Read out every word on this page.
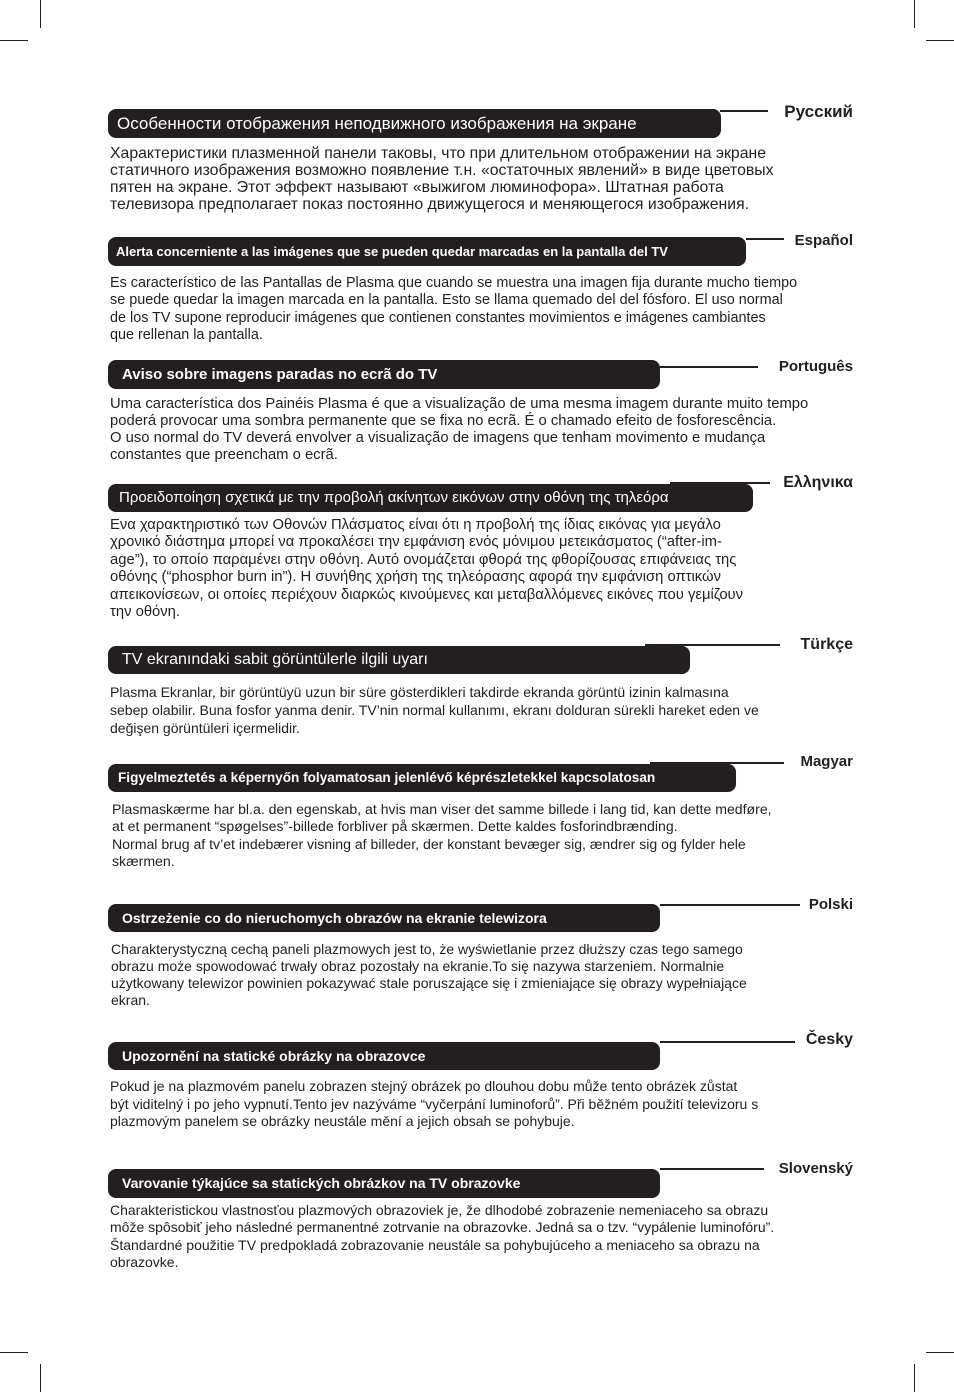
Особенности отображения неподвижного изображения на экране
Русский
Характеристики плазменной панели таковы, что при длительном отображении на экране
статичного изображения возможно появление т.н. «остаточных явлений» в виде цветовых
пятен на экране. Этот эффект называют «выжигом люминофора». Штатная работа
телевизора предполагает показ постоянно движущегося и меняющегося изображения.
Alerta concerniente a las imágenes que se pueden quedar marcadas en la pantalla del TV
Español
Es característico de las Pantallas de Plasma que cuando se muestra una imagen fija durante mucho tiempo
se puede quedar la imagen marcada en la pantalla. Esto se llama quemado del del fósforo. El uso normal
de los TV supone reproducir imágenes que contienen constantes movimientos e imágenes cambiantes
que rellenan la pantalla.
Aviso sobre imagens paradas no ecrã do TV	Português
Uma característica dos Painéis Plasma é que a visualização de uma mesma imagem durante muito tempo
poderá provocar uma sombra permanente que se fixa no ecrã. É o chamado efeito de fosforescência.
O uso normal do TV deverá envolver a visualização de imagens que tenham movimento e mudança
constantes que preencham o ecrã.
Προειδοποίηση σχετικά με την προβολή ακίνητων εικόνων στην οθόνη της τηλεόρα
Ελληνικα
Ενα χαρακτηριστικό των Οθονών Πλάσματος είναι ότι η προβολή της ίδιας εικόνας για μεγάλο
χρονικό διάστημα μπορεί να προκαλέσει την εμφάνιση ενός μόνιμου μετεικάσματος (“after-im-
age”), το οποίο παραμένει στην οθόνη. Αυτό ονομάζεται φθορά της φθορίζουσας επιφάνειας της
οθόνης (“phosphor burn in”). Η συνήθης χρήση της τηλεόρασης αφορά την εμφάνιση οπτικών
απεικονίσεων, οι οποίες περιέχουν διαρκώς κινούμενες και μεταβαλλόμενες εικόνες που γεμίζουν
την οθόνη.
TV ekranındaki sabit görüntülerle ilgili uyarı
Türkçe
Plasma Ekranlar, bir görüntüyü uzun bir süre gösterdikleri takdirde ekranda görüntü izinin kalmasına
sebep olabilir. Buna fosfor yanma denir. TV’nin normal kullanımı, ekranı dolduran sürekli hareket eden ve
değişen görüntüleri içermelidir.
Figyelmeztetés a képernyőn folyamatosan jelenlévő képrészletekkel kapcsolatosan
Magyar
Plasmaskærme har bl.a. den egenskab, at hvis man viser det samme billede i lang tid, kan dette medføre,
at et permanent “spøgelses”-billede forbliver på skærmen. Dette kaldes fosforindbrænding.
Normal brug af tv’et indebærer visning af billeder, der konstant bevæger sig, ændrer sig og fylder hele
skærmen.
Ostrzeżenie co do nieruchomych obrazów na ekranie telewizora
Polski
Charakterystyczną cechą paneli plazmowych jest to, że wyświetlanie przez dłuższy czas tego samego
obrazu może spowodować trwały obraz pozostały na ekranie.To się nazywa starzeniem. Normalnie
użytkowany telewizor powinien pokazywać stale poruszające się i zmieniające się obrazy wypełniające
ekran.
Upozornění na statické obrázky na obrazovce
Česky
Pokud je na plazmovém panelu zobrazen stejný obrázek po dlouhou dobu může tento obrázek zůstat
být viditelný i po jeho vypnutí.Tento jev nazýváme “vyčerpání luminoforů”. Při běžném použití televizoru s
plazmovým panelem se obrázky neustále mění a jejich obsah se pohybuje.
Varovanie týkajúce sa statických obrázkov na TV obrazovke
Slovenský
Charakteristickou vlastnosťou plazmových obrazoviek je, že dlhodobé zobrazenie nemeniaceho sa obrazu
môže spôsobiť jeho následné permanentné zotrvanie na obrazovke. Jedná sa o tzv. “vypálenie luminofóru”.
Štandardné použitie TV predpokladá zobrazovanie neustále sa pohybujúceho a meniaceho sa obrazu na
obrazovke.
